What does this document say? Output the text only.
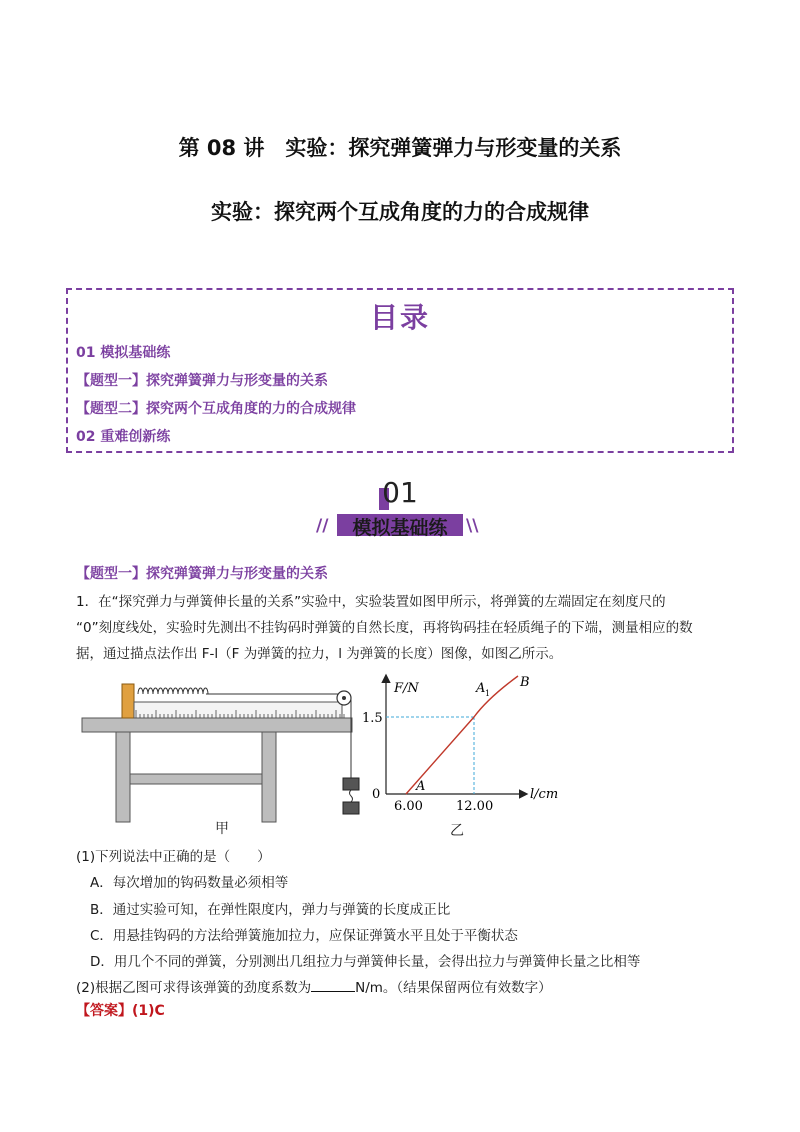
第 08 讲　实验：探究弹簧弹力与形变量的关系
实验：探究两个互成角度的力的合成规律
目录
01 模拟基础练
【题型一】探究弹簧弹力与形变量的关系
【题型二】探究两个互成角度的力的合成规律
02 重难创新练
01
//	\\
模拟基础练
【题型一】探究弹簧弹力与形变量的关系
1．在“探究弹力与弹簧伸长量的关系”实验中，实验装置如图甲所示，将弹簧的左端固定在刻度尺的
“0”刻度线处，实验时先测出不挂钩码时弹簧的自然长度，再将钩码挂在轻质绳子的下端，测量相应的数
据，通过描点法作出 F-l（F 为弹簧的拉力，l 为弹簧的长度）图像，如图乙所示。
甲
F/N
l/cm
0
1.5
6.00	12.00
A
A 1
B
乙
(1)下列说法中正确的是（　　）
A．每次增加的钩码数量必须相等
B．通过实验可知，在弹性限度内，弹力与弹簧的长度成正比
C．用悬挂钩码的方法给弹簧施加拉力，应保证弹簧水平且处于平衡状态
D．用几个不同的弹簧，分别测出几组拉力与弹簧伸长量，会得出拉力与弹簧伸长量之比相等
(2)根据乙图可求得该弹簧的劲度系数为	N/m。（结果保留两位有效数字）
【答案】(1)C
